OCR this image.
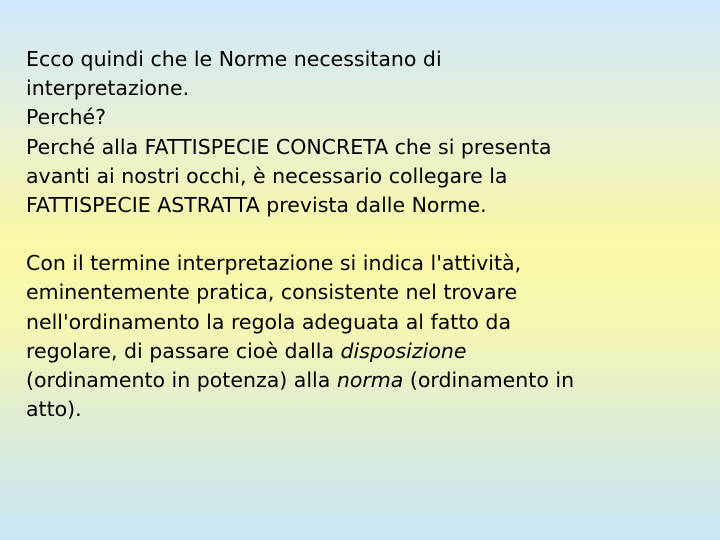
Ecco quindi che le Norme necessitano di
interpretazione.
Perché?
Perché alla FATTISPECIE CONCRETA che si presenta
avanti ai nostri occhi, è necessario collegare la
FATTISPECIE ASTRATTA prevista dalle Norme.

Con il termine interpretazione si indica l'attività,
eminentemente pratica, consistente nel trovare
nell'ordinamento la regola adeguata al fatto da
regolare, di passare cioè dalla disposizione
(ordinamento in potenza) alla norma (ordinamento in
atto).
